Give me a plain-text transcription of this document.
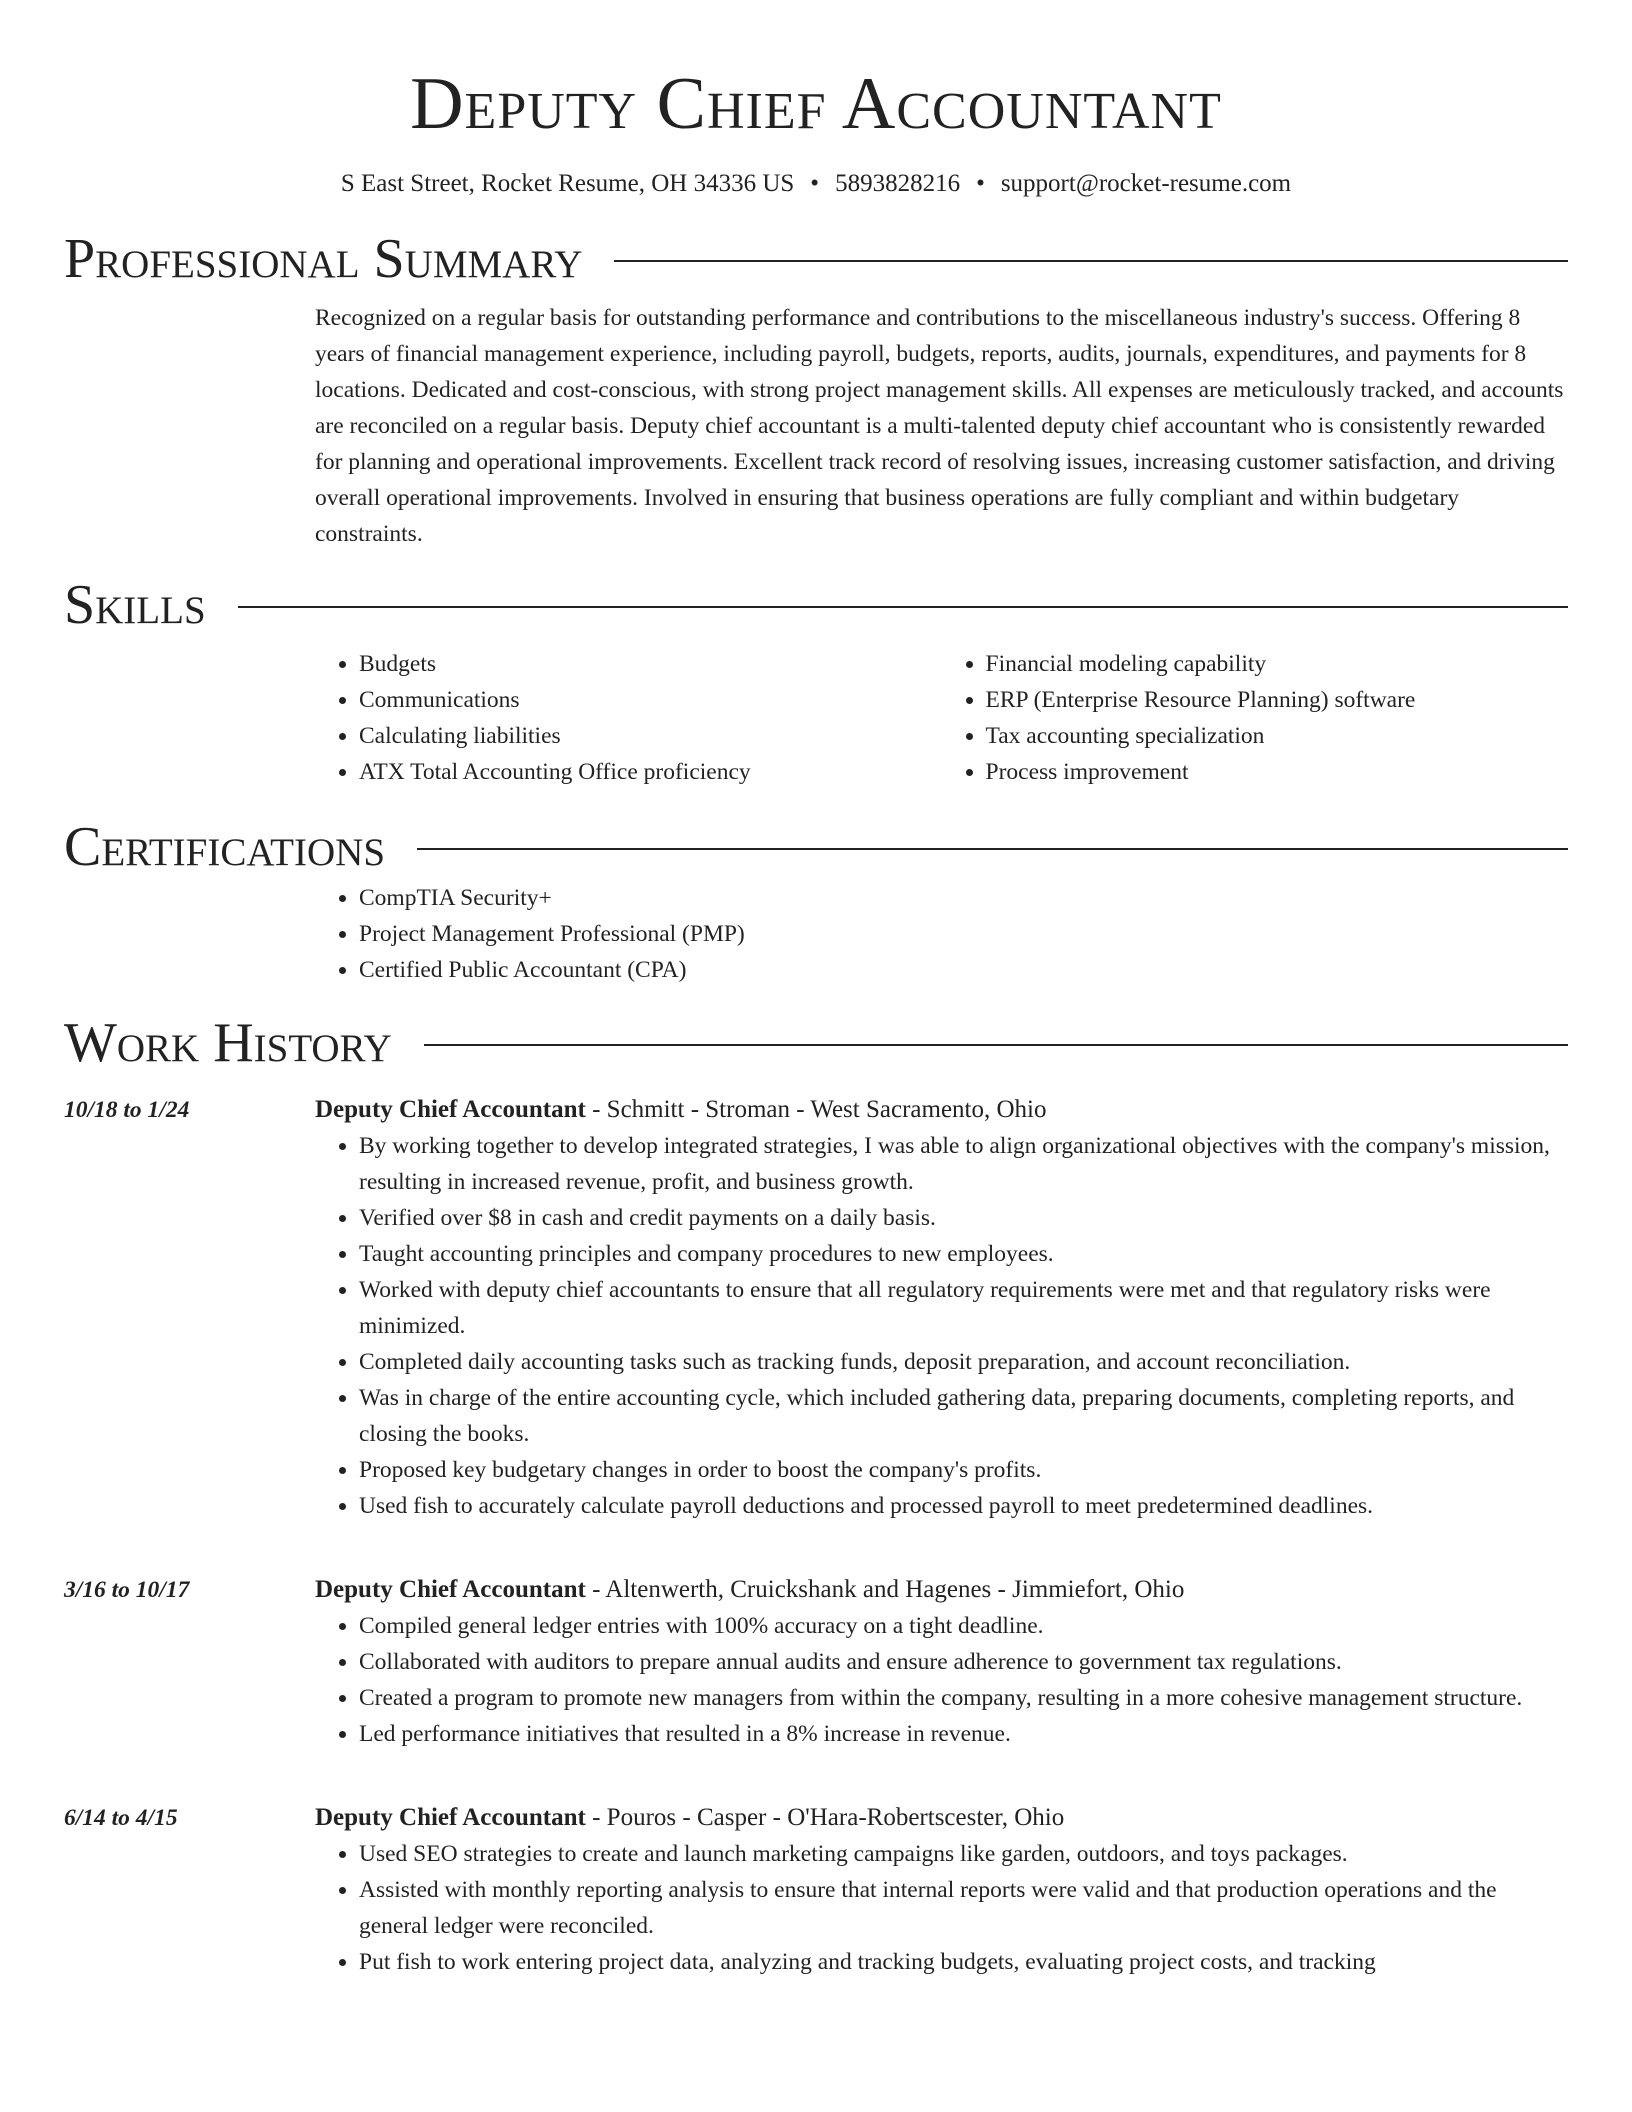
Deputy Chief Accountant
S East Street, Rocket Resume, OH 34336 US • 5893828216 • support@rocket-resume.com
Professional Summary

Recognized on a regular basis for outstanding performance and contributions to the miscellaneous industry's success. Offering 8 years of financial management experience, including payroll, budgets, reports, audits, journals, expenditures, and payments for 8 locations. Dedicated and cost-conscious, with strong project management skills. All expenses are meticulously tracked, and accounts are reconciled on a regular basis. Deputy chief accountant is a multi-talented deputy chief accountant who is consistently rewarded for planning and operational improvements. Excellent track record of resolving issues, increasing customer satisfaction, and driving overall operational improvements. Involved in ensuring that business operations are fully compliant and within budgetary constraints.

Skills
• Budgets
• Communications
• Calculating liabilities
• ATX Total Accounting Office proficiency
• Financial modeling capability
• ERP (Enterprise Resource Planning) software
• Tax accounting specialization
• Process improvement
Certifications
• CompTIA Security+
• Project Management Professional (PMP)
• Certified Public Accountant (CPA)
Work History
10/18 to 1/24	Deputy Chief Accountant - Schmitt - Stroman - West Sacramento, Ohio
• By working together to develop integrated strategies, I was able to align organizational objectives with the company's mission, resulting in increased revenue, profit, and business growth.
• Verified over $8 in cash and credit payments on a daily basis.
• Taught accounting principles and company procedures to new employees.
• Worked with deputy chief accountants to ensure that all regulatory requirements were met and that regulatory risks were minimized.
• Completed daily accounting tasks such as tracking funds, deposit preparation, and account reconciliation.
• Was in charge of the entire accounting cycle, which included gathering data, preparing documents, completing reports, and closing the books.
• Proposed key budgetary changes in order to boost the company's profits.
• Used fish to accurately calculate payroll deductions and processed payroll to meet predetermined deadlines.
3/16 to 10/17	Deputy Chief Accountant - Altenwerth, Cruickshank and Hagenes - Jimmiefort, Ohio
• Compiled general ledger entries with 100% accuracy on a tight deadline.
• Collaborated with auditors to prepare annual audits and ensure adherence to government tax regulations.
• Created a program to promote new managers from within the company, resulting in a more cohesive management structure.
• Led performance initiatives that resulted in a 8% increase in revenue.
6/14 to 4/15	Deputy Chief Accountant - Pouros - Casper - O'Hara-Robertscester, Ohio
• Used SEO strategies to create and launch marketing campaigns like garden, outdoors, and toys packages.
• Assisted with monthly reporting analysis to ensure that internal reports were valid and that production operations and the general ledger were reconciled.
• Put fish to work entering project data, analyzing and tracking budgets, evaluating project costs, and tracking
